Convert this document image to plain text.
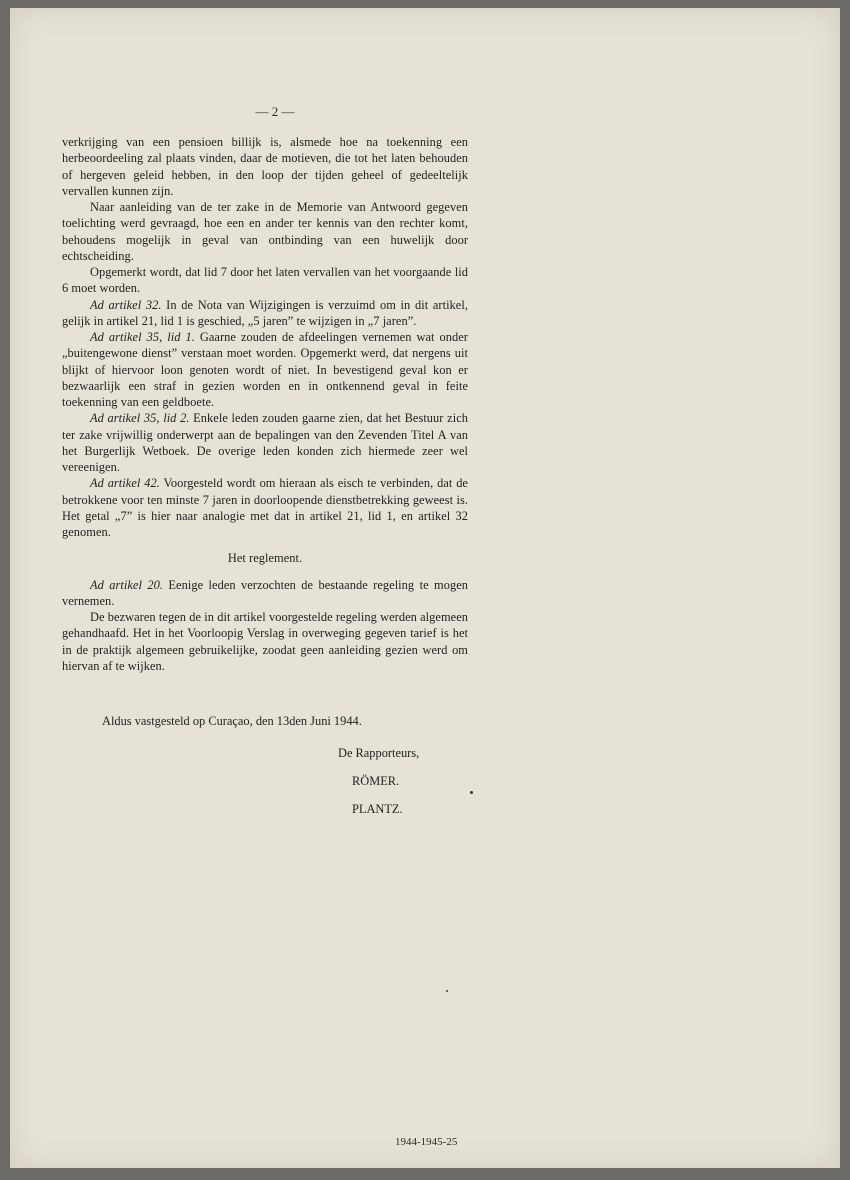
— 2 —

verkrijging van een pensioen billijk is, alsmede hoe na toekenning een herbeoordeeling zal plaats vinden, daar de motieven, die tot het laten behouden of hergeven geleid hebben, in den loop der tijden geheel of gedeeltelijk vervallen kunnen zijn.

Naar aanleiding van de ter zake in de Memorie van Antwoord gegeven toelichting werd gevraagd, hoe een en ander ter kennis van den rechter komt, behoudens mogelijk in geval van ontbinding van een huwelijk door echtscheiding.

Opgemerkt wordt, dat lid 7 door het laten vervallen van het voorgaande lid 6 moet worden.

Ad artikel 32. In de Nota van Wijzigingen is verzuimd om in dit artikel, gelijk in artikel 21, lid 1 is geschied, „5 jaren” te wijzigen in „7 jaren”.

Ad artikel 35, lid 1. Gaarne zouden de afdeelingen vernemen wat onder „buitengewone dienst” verstaan moet worden. Opgemerkt werd, dat nergens uit blijkt of hiervoor loon genoten wordt of niet. In bevestigend geval kon er bezwaarlijk een straf in gezien worden en in ontkennend geval in feite toekenning van een geldboete.

Ad artikel 35, lid 2. Enkele leden zouden gaarne zien, dat het Bestuur zich ter zake vrijwillig onderwerpt aan de bepalingen van den Zevenden Titel A van het Burgerlijk Wetboek. De overige leden konden zich hiermede zeer wel vereenigen.

Ad artikel 42. Voorgesteld wordt om hieraan als eisch te verbinden, dat de betrokkene voor ten minste 7 jaren in doorloopende dienstbetrekking geweest is. Het getal „7” is hier naar analogie met dat in artikel 21, lid 1, en artikel 32 genomen.

Het reglement.

Ad artikel 20. Eenige leden verzochten de bestaande regeling te mogen vernemen.

De bezwaren tegen de in dit artikel voorgestelde regeling werden algemeen gehandhaafd. Het in het Voorloopig Verslag in overweging gegeven tarief is het in de praktijk algemeen gebruikelijke, zoodat geen aanleiding gezien werd om hiervan af te wijken.

Aldus vastgesteld op Curaçao, den 13den Juni 1944.
De Rapporteurs,
RÖMER.
PLANTZ.
1944-1945-25
